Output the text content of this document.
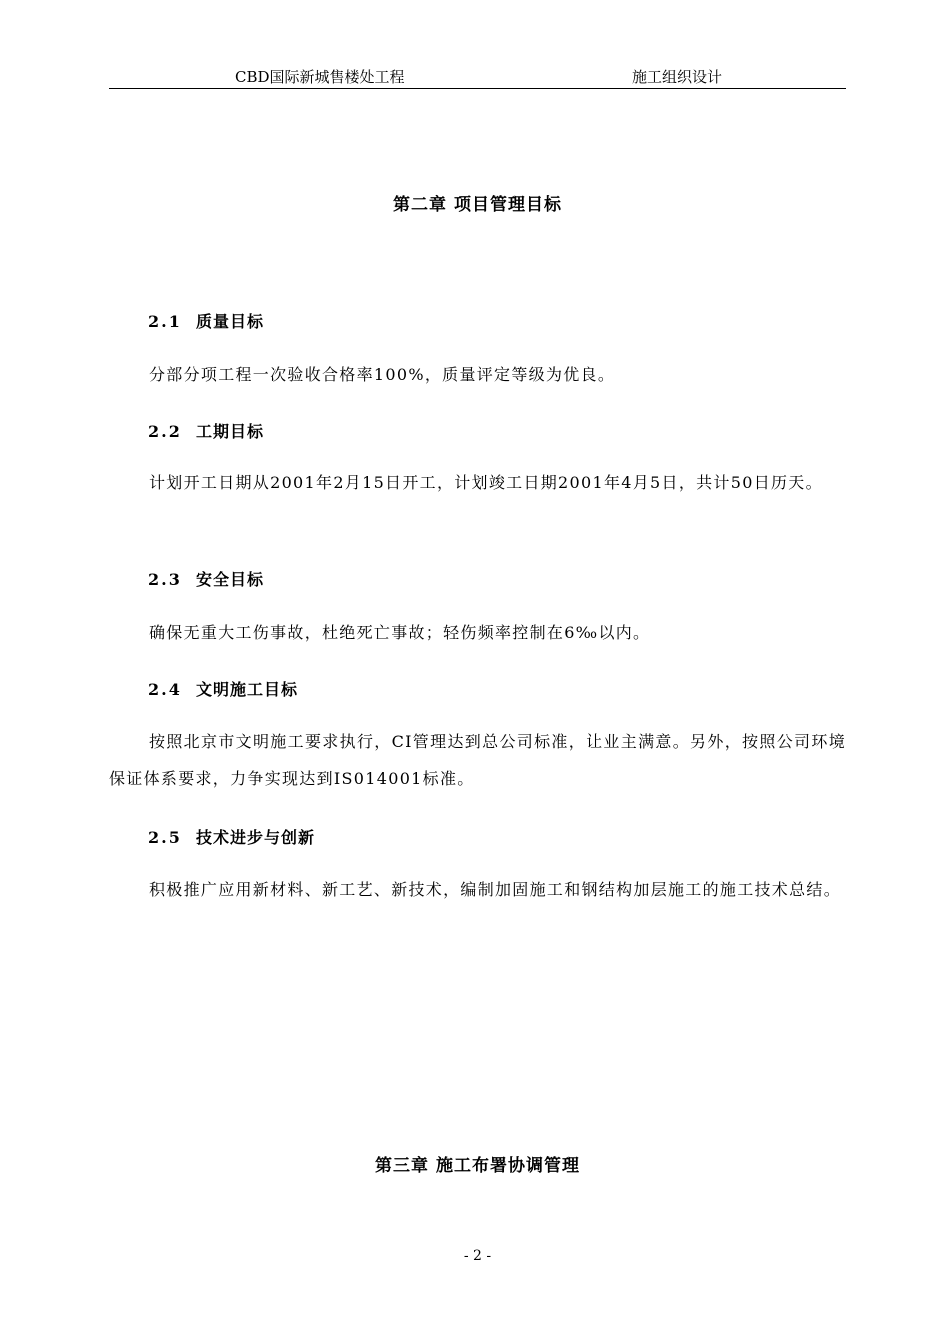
CBD国际新城售楼处工程	施工组织设计
第二章 项目管理目标
2.1 质量目标
分部分项工程一次验收合格率100%，质量评定等级为优良。
2.2 工期目标
计划开工日期从2001年2月15日开工，计划竣工日期2001年4月5日，共计50日历天。
2.3 安全目标
确保无重大工伤事故，杜绝死亡事故；轻伤频率控制在6‰以内。
2.4 文明施工目标
按照北京市文明施工要求执行，CI管理达到总公司标准，让业主满意。另外，按照公司环境保证体系要求，力争实现达到IS014001标准。
2.5 技术进步与创新
积极推广应用新材料、新工艺、新技术，编制加固施工和钢结构加层施工的施工技术总结。
第三章 施工布署协调管理
- 2 -
